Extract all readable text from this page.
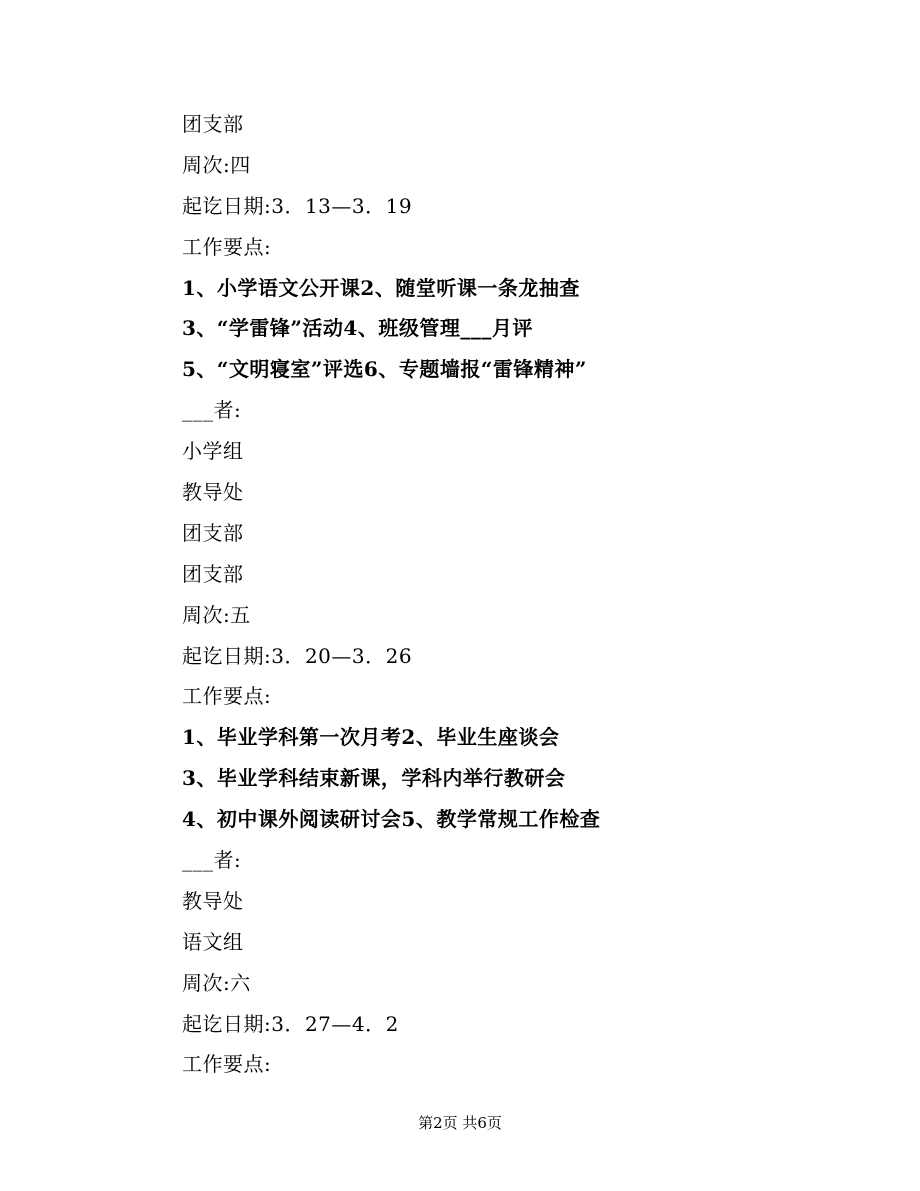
团支部
周次:四
起讫日期:3．13—3．19
工作要点:
1、小学语文公开课2、随堂听课一条龙抽查
3、“学雷锋”活动4、班级管理___月评
5、“文明寝室”评选6、专题墙报“雷锋精神”
___者:
小学组
教导处
团支部
团支部
周次:五
起讫日期:3．20—3．26
工作要点:
1、毕业学科第一次月考2、毕业生座谈会
3、毕业学科结束新课，学科内举行教研会
4、初中课外阅读研讨会5、教学常规工作检查
___者:
教导处
语文组
周次:六
起讫日期:3．27—4．2
工作要点:
第2页 共6页
